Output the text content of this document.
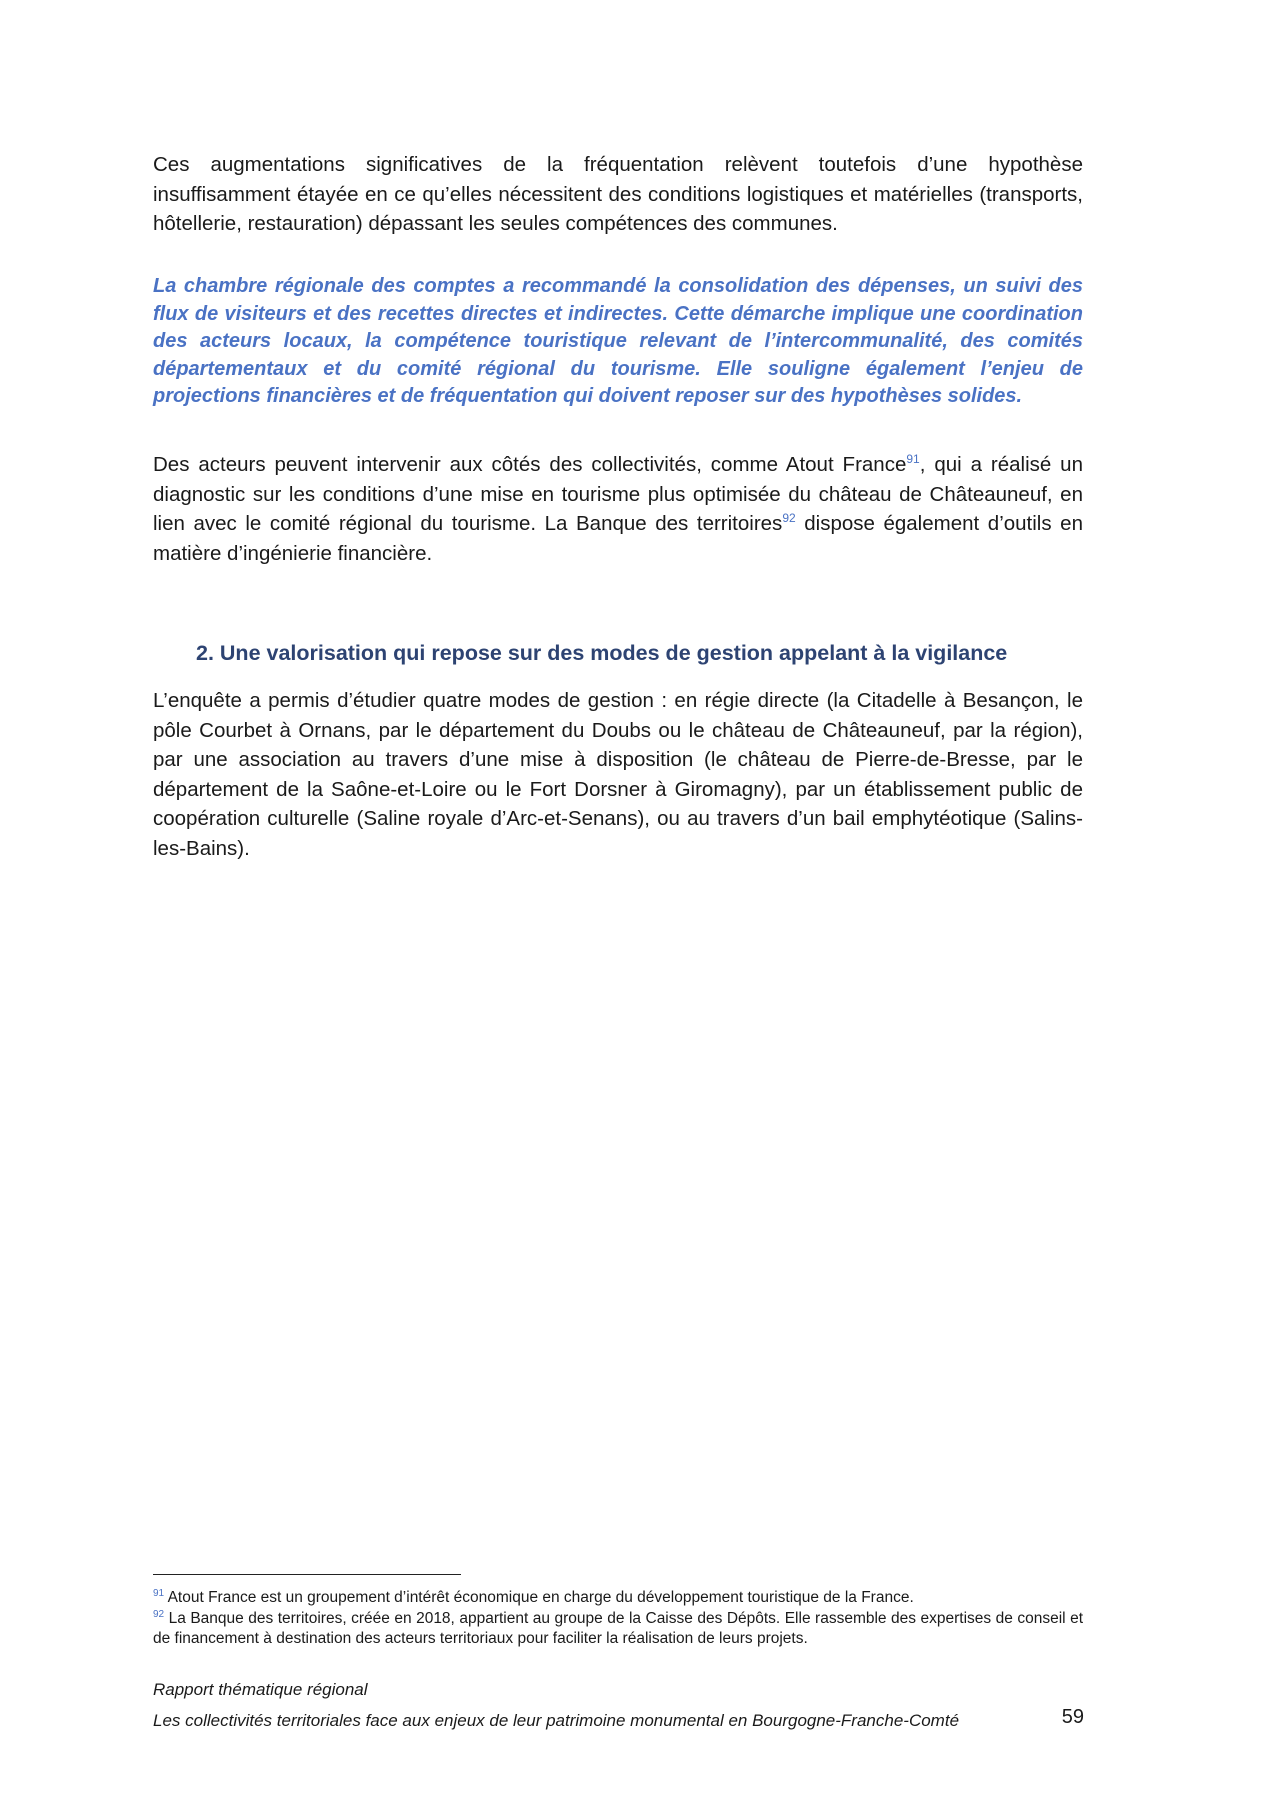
Ces augmentations significatives de la fréquentation relèvent toutefois d’une hypothèse insuffisamment étayée en ce qu’elles nécessitent des conditions logistiques et matérielles (transports, hôtellerie, restauration) dépassant les seules compétences des communes.

La chambre régionale des comptes a recommandé la consolidation des dépenses, un suivi des flux de visiteurs et des recettes directes et indirectes. Cette démarche implique une coordination des acteurs locaux, la compétence touristique relevant de l’intercommunalité, des comités départementaux et du comité régional du tourisme. Elle souligne également l’enjeu de projections financières et de fréquentation qui doivent reposer sur des hypothèses solides.

Des acteurs peuvent intervenir aux côtés des collectivités, comme Atout France$^{91}$, qui a réalisé un diagnostic sur les conditions d’une mise en tourisme plus optimisée du château de Châteauneuf, en lien avec le comité régional du tourisme. La Banque des territoires$^{92}$ dispose également d’outils en matière d’ingénierie financière.

2. Une valorisation qui repose sur des modes de gestion appelant à la vigilance

L’enquête a permis d’étudier quatre modes de gestion : en régie directe (la Citadelle à Besançon, le pôle Courbet à Ornans, par le département du Doubs ou le château de Châteauneuf, par la région), par une association au travers d’une mise à disposition (le château de Pierre-de-Bresse, par le département de la Saône-et-Loire ou le Fort Dorsner à Giromagny), par un établissement public de coopération culturelle (Saline royale d’Arc-et-Senans), ou au travers d’un bail emphytéotique (Salins-les-Bains).

$^{91}$ Atout France est un groupement d’intérêt économique en charge du développement touristique de la France.

$^{92}$ La Banque des territoires, créée en 2018, appartient au groupe de la Caisse des Dépôts. Elle rassemble des expertises de conseil et de financement à destination des acteurs territoriaux pour faciliter la réalisation de leurs projets.

Rapport thématique régional

Les collectivités territoriales face aux enjeux de leur patrimoine monumental en Bourgogne-Franche-Comté	59
